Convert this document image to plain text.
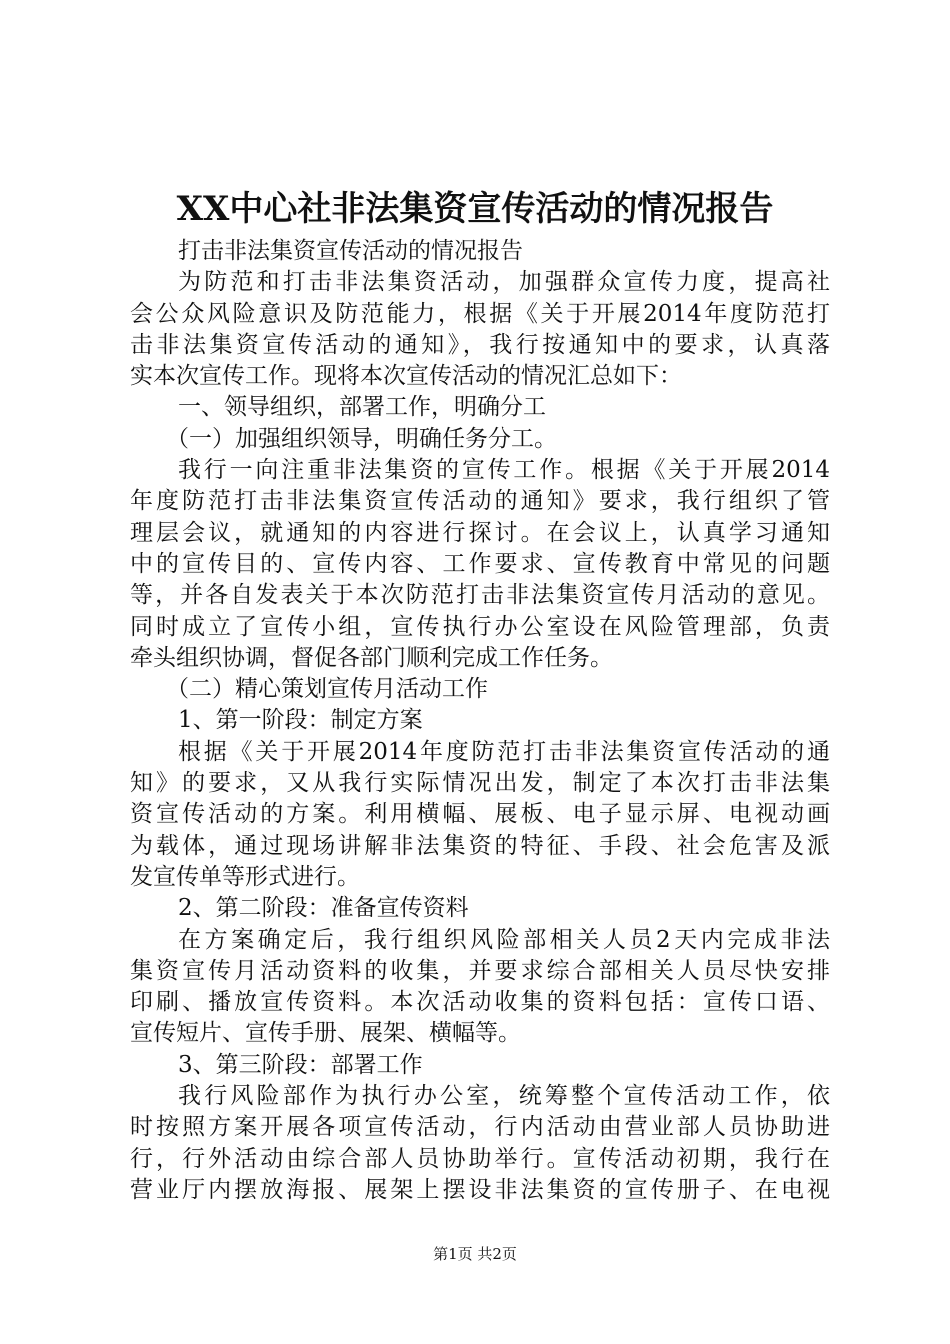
XX中心社非法集资宣传活动的情况报告
打击非法集资宣传活动的情况报告
为防范和打击非法集资活动，加强群众宣传力度，提高社
会公众风险意识及防范能力，根据《关于开展2014年度防范打
击非法集资宣传活动的通知》，我行按通知中的要求，认真落
实本次宣传工作。现将本次宣传活动的情况汇总如下：
一、领导组织，部署工作，明确分工
（一）加强组织领导，明确任务分工。
我行一向注重非法集资的宣传工作。根据《关于开展2014
年度防范打击非法集资宣传活动的通知》要求，我行组织了管
理层会议，就通知的内容进行探讨。在会议上，认真学习通知
中的宣传目的、宣传内容、工作要求、宣传教育中常见的问题
等，并各自发表关于本次防范打击非法集资宣传月活动的意见。
同时成立了宣传小组，宣传执行办公室设在风险管理部，负责
牵头组织协调，督促各部门顺利完成工作任务。
（二）精心策划宣传月活动工作
1、第一阶段：制定方案
根据《关于开展2014年度防范打击非法集资宣传活动的通
知》的要求，又从我行实际情况出发，制定了本次打击非法集
资宣传活动的方案。利用横幅、展板、电子显示屏、电视动画
为载体，通过现场讲解非法集资的特征、手段、社会危害及派
发宣传单等形式进行。
2、第二阶段：准备宣传资料
在方案确定后，我行组织风险部相关人员2天内完成非法
集资宣传月活动资料的收集，并要求综合部相关人员尽快安排
印刷、播放宣传资料。本次活动收集的资料包括：宣传口语、
宣传短片、宣传手册、展架、横幅等。
3、第三阶段：部署工作
我行风险部作为执行办公室，统筹整个宣传活动工作，依
时按照方案开展各项宣传活动，行内活动由营业部人员协助进
行，行外活动由综合部人员协助举行。宣传活动初期，我行在
营业厅内摆放海报、展架上摆设非法集资的宣传册子、在电视
第1页 共2页
